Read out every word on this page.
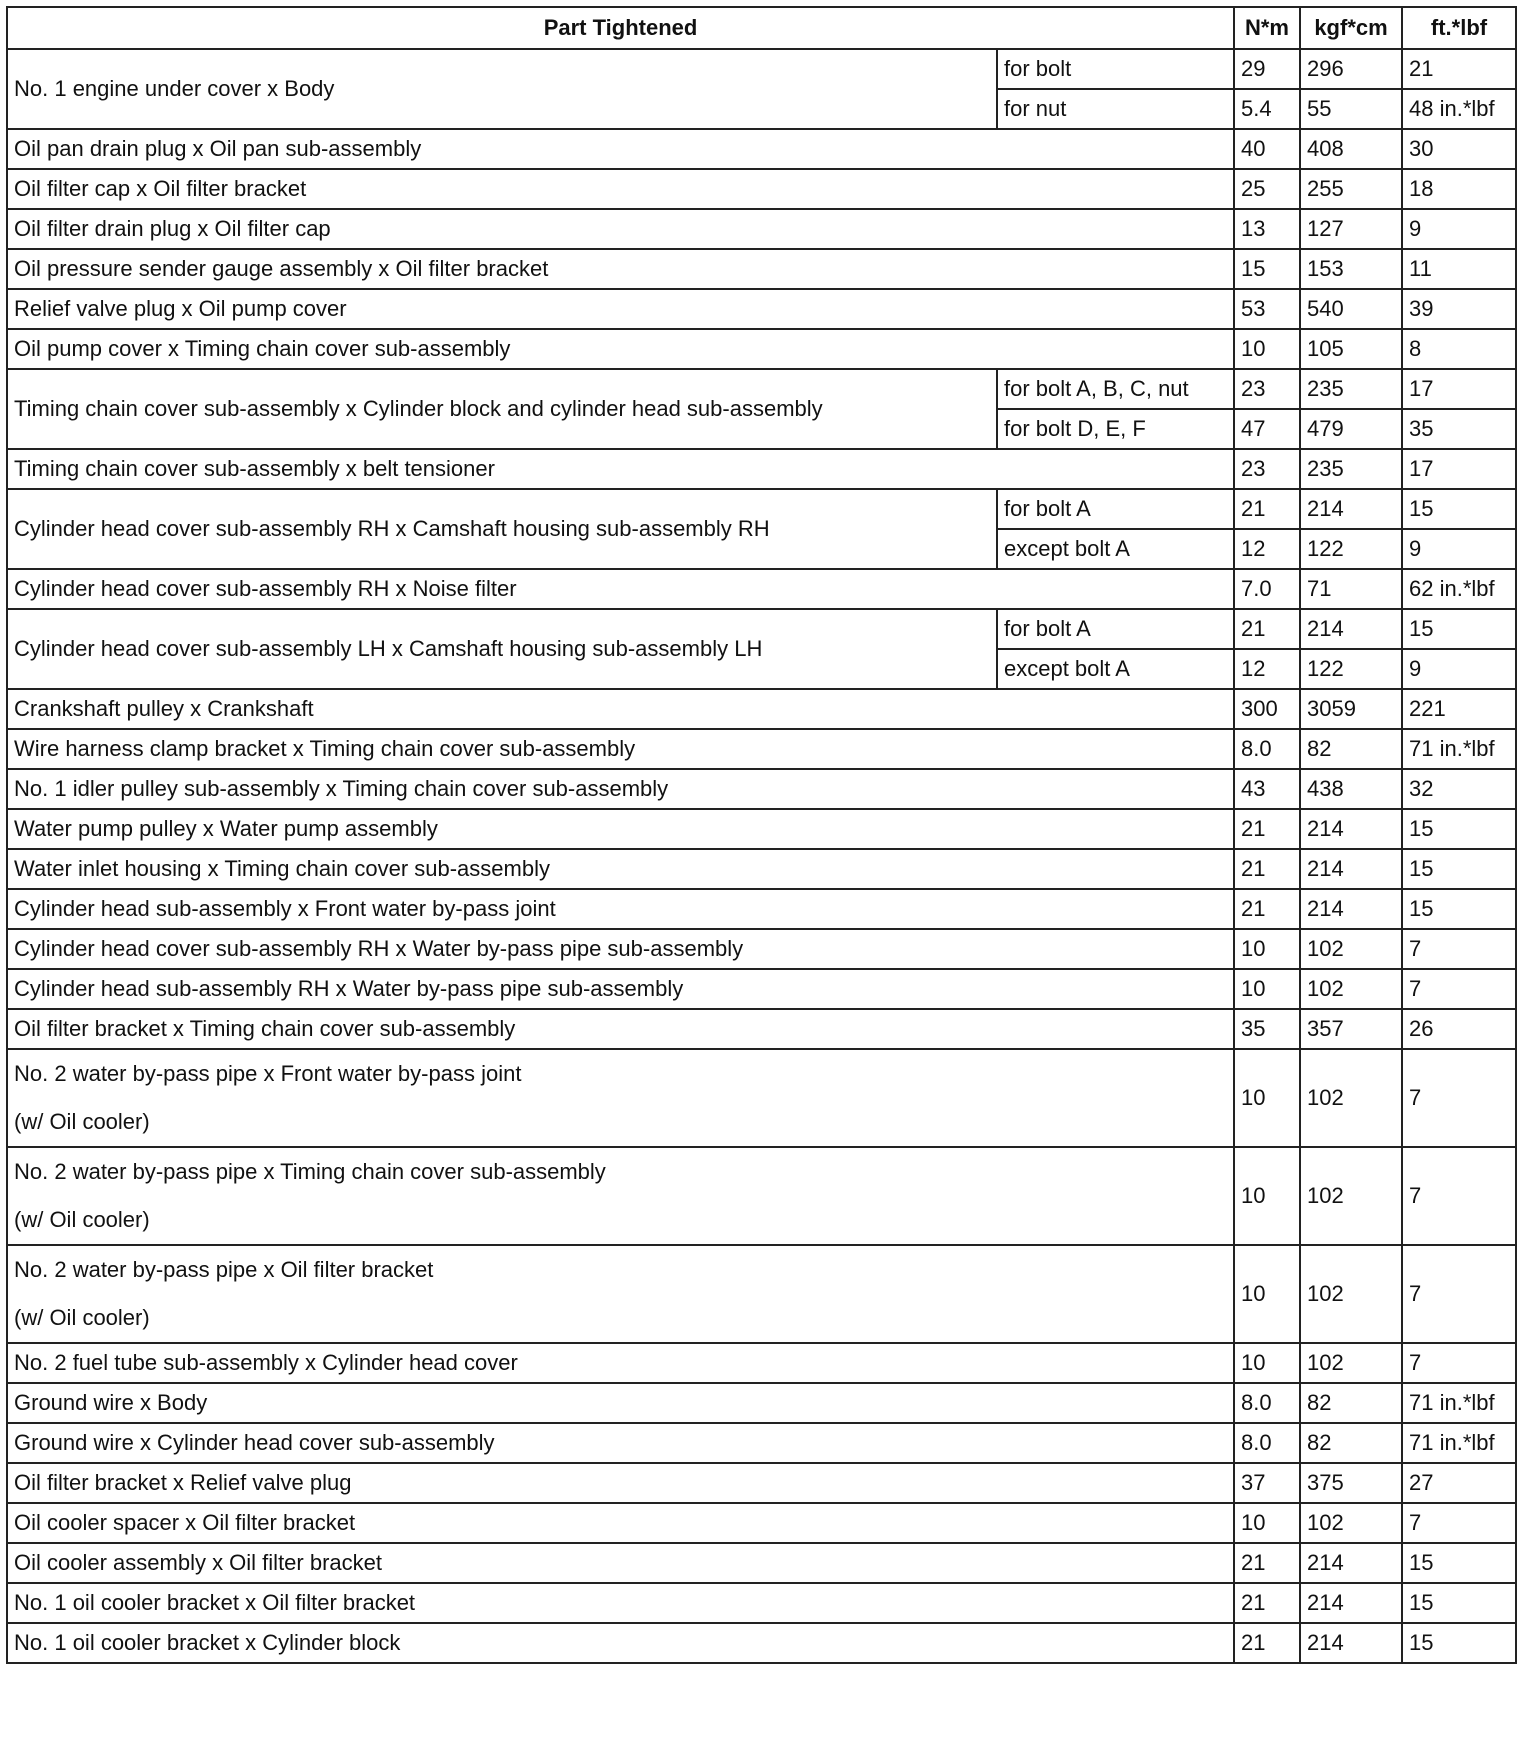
Part Tightened		N*m	kgf*cm	ft.*lbf
No. 1 engine under cover x Body	for bolt	29	296	21
	for nut	5.4	55	48 in.*lbf
Oil pan drain plug x Oil pan sub-assembly		40	408	30
Oil filter cap x Oil filter bracket		25	255	18
Oil filter drain plug x Oil filter cap		13	127	9
Oil pressure sender gauge assembly x Oil filter bracket		15	153	11
Relief valve plug x Oil pump cover		53	540	39
Oil pump cover x Timing chain cover sub-assembly		10	105	8
Timing chain cover sub-assembly x Cylinder block and cylinder head sub-assembly	for bolt A, B, C, nut	23	235	17
	for bolt D, E, F	47	479	35
Timing chain cover sub-assembly x belt tensioner		23	235	17
Cylinder head cover sub-assembly RH x Camshaft housing sub-assembly RH	for bolt A	21	214	15
	except bolt A	12	122	9
Cylinder head cover sub-assembly RH x Noise filter		7.0	71	62 in.*lbf
Cylinder head cover sub-assembly LH x Camshaft housing sub-assembly LH	for bolt A	21	214	15
	except bolt A	12	122	9
Crankshaft pulley x Crankshaft		300	3059	221
Wire harness clamp bracket x Timing chain cover sub-assembly		8.0	82	71 in.*lbf
No. 1 idler pulley sub-assembly x Timing chain cover sub-assembly		43	438	32
Water pump pulley x Water pump assembly		21	214	15
Water inlet housing x Timing chain cover sub-assembly		21	214	15
Cylinder head sub-assembly x Front water by-pass joint		21	214	15
Cylinder head cover sub-assembly RH x Water by-pass pipe sub-assembly		10	102	7
Cylinder head sub-assembly RH x Water by-pass pipe sub-assembly		10	102	7
Oil filter bracket x Timing chain cover sub-assembly		35	357	26

No. 2 water by-pass pipe x Front water by-pass joint
(w/ Oil cooler)		10	102	7

No. 2 water by-pass pipe x Timing chain cover sub-assembly
(w/ Oil cooler)		10	102	7

No. 2 water by-pass pipe x Oil filter bracket
(w/ Oil cooler)		10	102	7
No. 2 fuel tube sub-assembly x Cylinder head cover		10	102	7
Ground wire x Body		8.0	82	71 in.*lbf
Ground wire x Cylinder head cover sub-assembly		8.0	82	71 in.*lbf
Oil filter bracket x Relief valve plug		37	375	27
Oil cooler spacer x Oil filter bracket		10	102	7
Oil cooler assembly x Oil filter bracket		21	214	15
No. 1 oil cooler bracket x Oil filter bracket		21	214	15
No. 1 oil cooler bracket x Cylinder block		21	214	15
